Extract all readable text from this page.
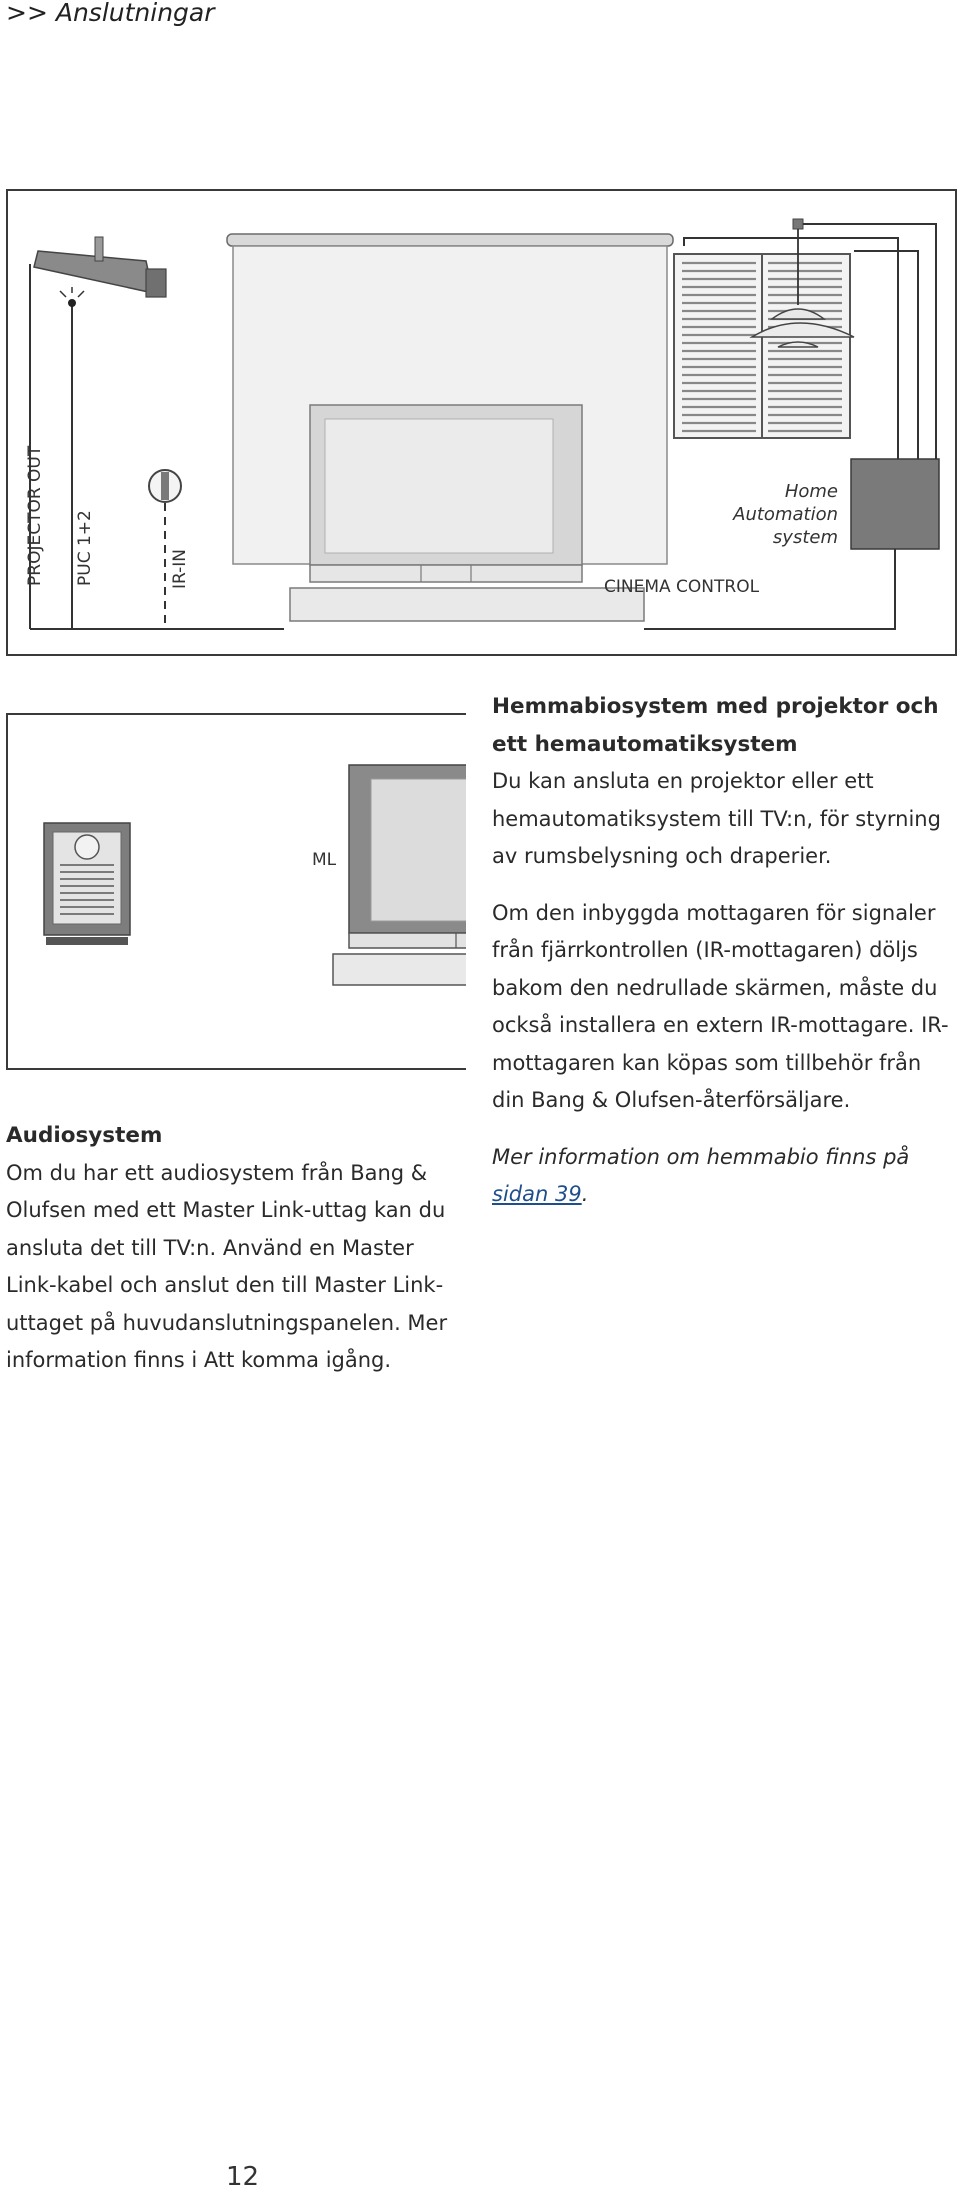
>> Anslutningar
PROJECTOR OUT PUC 1+2	IR-IN	CINEMA CONTROL
Home
Automation
system
ML

Hemmabiosystem med projektor och ett hemautomatiksystem

Du kan ansluta en projektor eller ett hemautomatiksystem till TV:n, för styrning av rumsbelysning och draperier.

Om den inbyggda mottagaren för signaler från fjärrkontrollen (IR-mottagaren) döljs bakom den nedrullade skärmen, måste du också installera en extern IR-mottagare. IR-mottagaren kan köpas som tillbehör från din Bang & Olufsen-återförsäljare.

Mer information om hemmabio finns på sidan 39.

Audiosystem

Om du har ett audiosystem från Bang & Olufsen med ett Master Link-uttag kan du ansluta det till TV:n. Använd en Master Link-kabel och anslut den till Master Link-uttaget på huvudanslutningspanelen. Mer information finns i Att komma igång.

12
